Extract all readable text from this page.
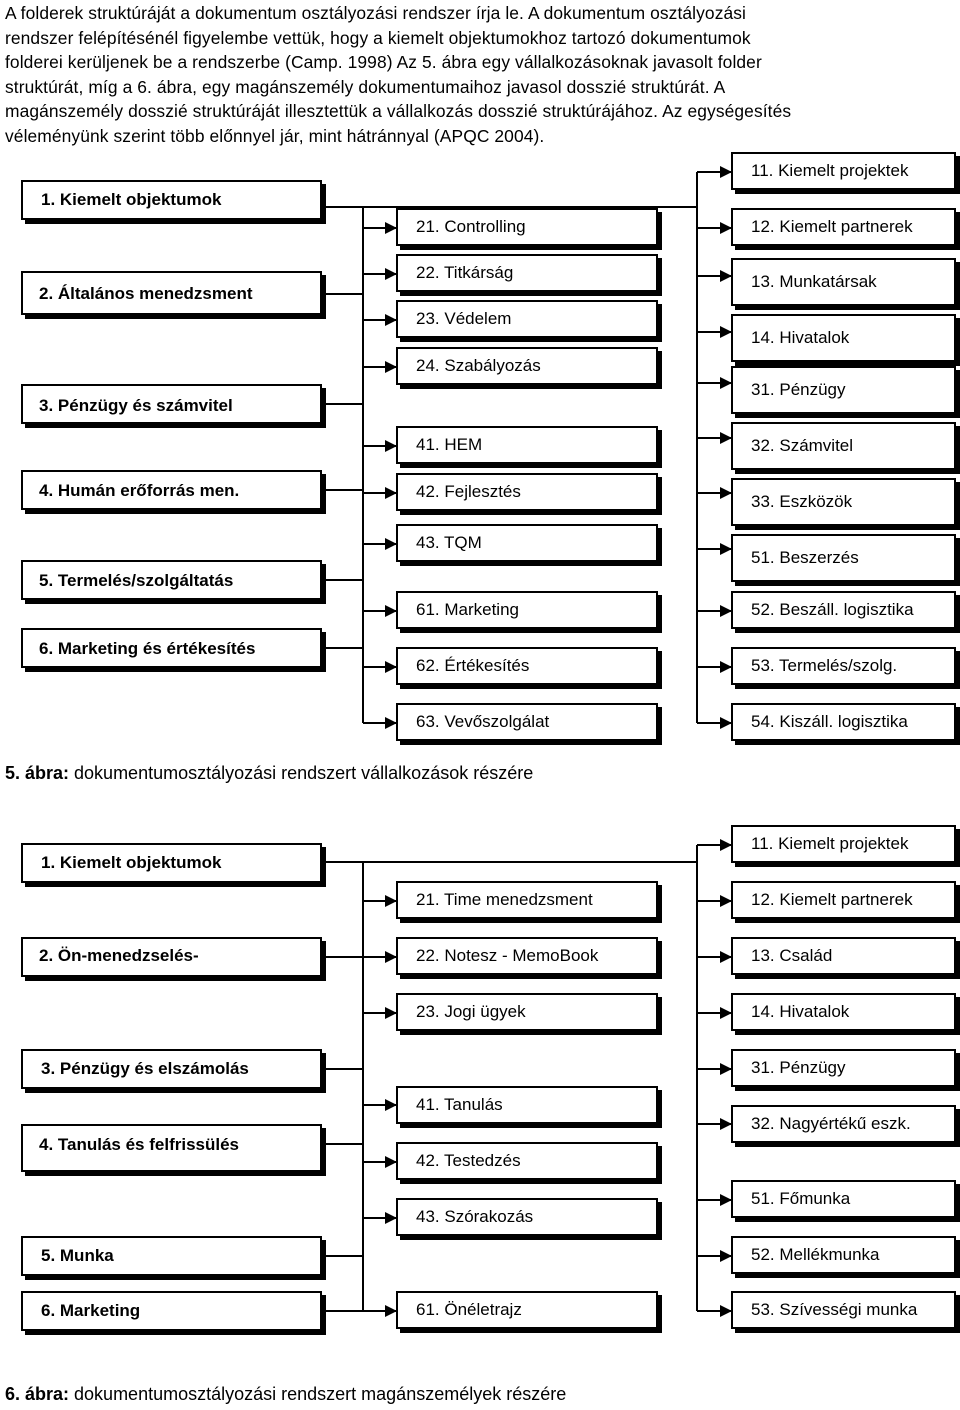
A folderek struktúráját a dokumentum osztályozási rendszer írja le. A dokumentum osztályozási
rendszer felépítésénél figyelembe vettük, hogy a kiemelt objektumokhoz tartozó dokumentumok
folderei kerüljenek be a rendszerbe (Camp. 1998) Az 5. ábra egy vállalkozásoknak javasolt folder
struktúrát, míg a 6. ábra, egy magánszemély dokumentumaihoz javasol dosszié struktúrát. A
magánszemély dosszié struktúráját illesztettük a vállalkozás dosszié struktúrájához. Az egységesítés
véleményünk szerint több előnnyel jár, mint hátránnyal (APQC 2004).
1. Kiemelt objektumok
2. Általános menedzsment
3. Pénzügy és számvitel
4. Humán erőforrás men.
5. Termelés/szolgáltatás
6. Marketing és értékesítés
21. Controlling
22. Titkárság
23. Védelem
24. Szabályozás
41. HEM
42. Fejlesztés
43. TQM
61. Marketing
62. Értékesítés
63. Vevőszolgálat
11. Kiemelt projektek
12. Kiemelt partnerek
13. Munkatársak
14. Hivatalok
31. Pénzügy
32. Számvitel
33. Eszközök
51. Beszerzés
52. Beszáll. logisztika
53. Termelés/szolg.
54. Kiszáll. logisztika
5. ábra: dokumentumosztályozási rendszert vállalkozások részére
1. Kiemelt objektumok
2. Ön-menedzselés-
3. Pénzügy és elszámolás
4. Tanulás és felfrissülés
5. Munka
6. Marketing
21. Time menedzsment
22. Notesz - MemoBook
23. Jogi ügyek
41. Tanulás
42. Testedzés
43. Szórakozás
61. Önéletrajz
11. Kiemelt projektek
12. Kiemelt partnerek
13. Család
14. Hivatalok
31. Pénzügy
32. Nagyértékű eszk.
51. Főmunka
52. Mellékmunka
53. Szívességi munka
6. ábra: dokumentumosztályozási rendszert magánszemélyek részére
